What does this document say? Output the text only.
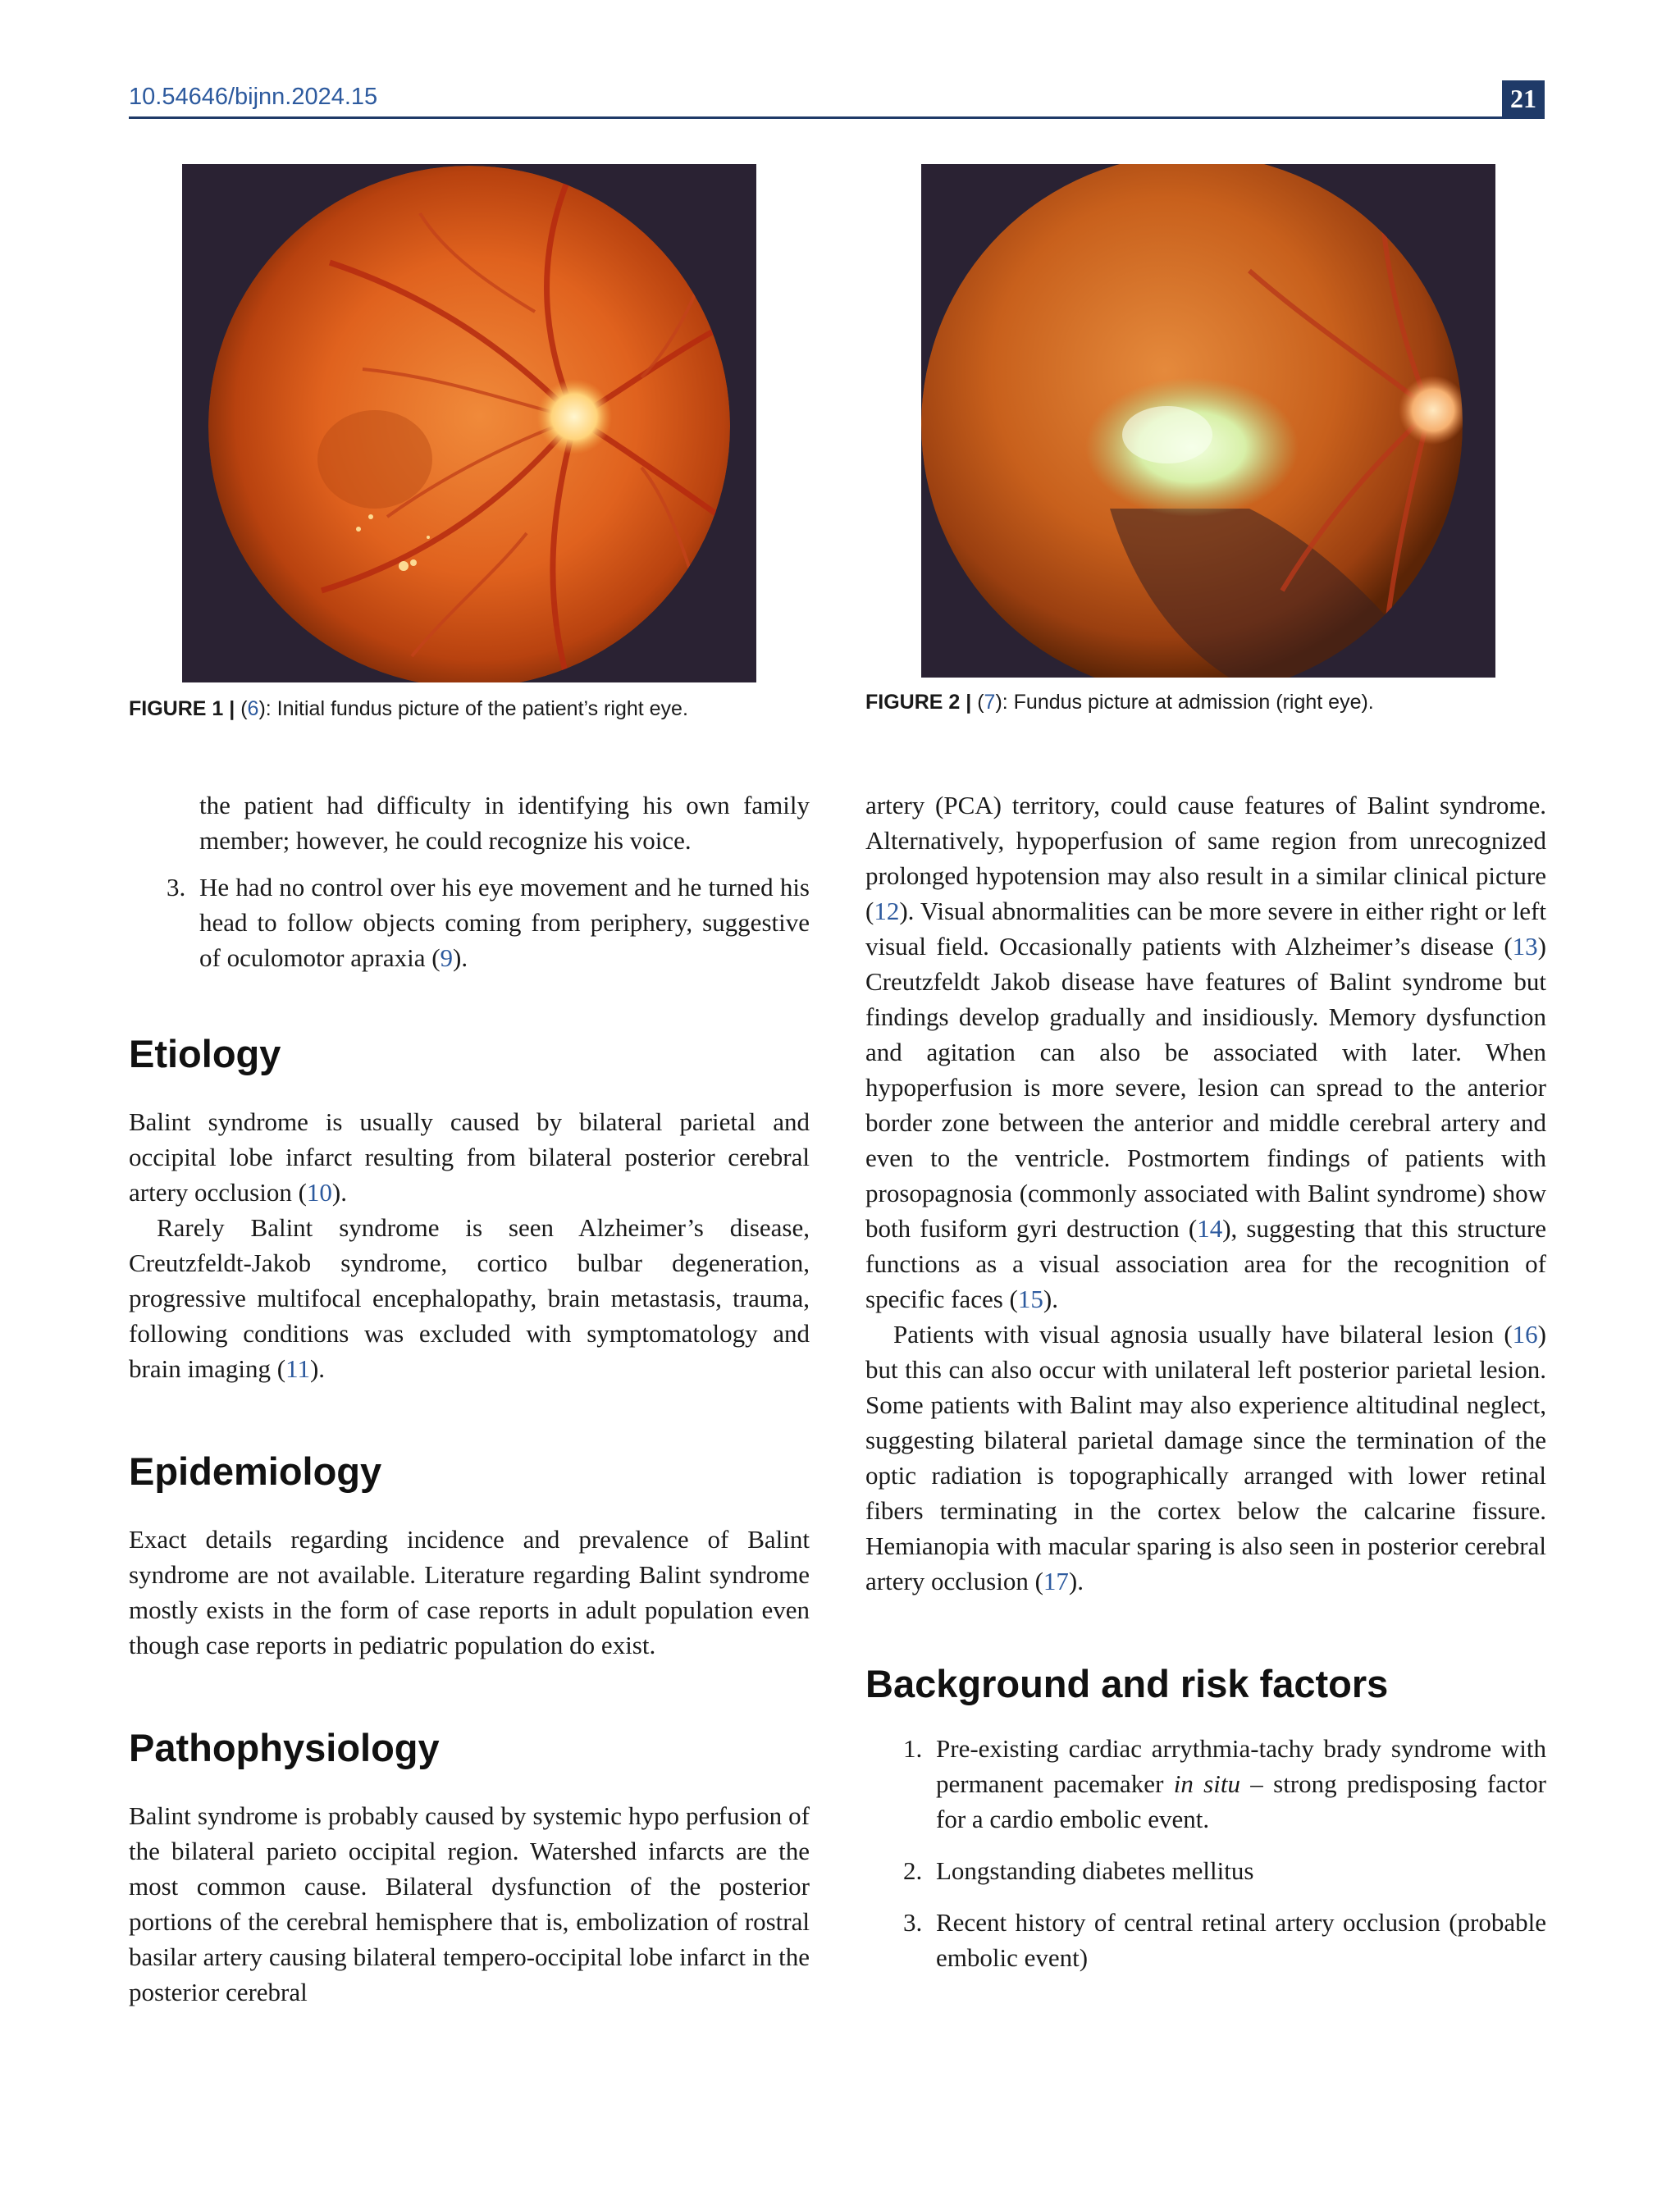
10.54646/bijnn.2024.15	21
FIGURE 1 | (6): Initial fundus picture of the patient’s right eye.	FIGURE 2 | (7): Fundus picture at admission (right eye).

the patient had difficulty in identifying his own family member; however, he could recognize his voice.

3. He had no control over his eye movement and he turned his head to follow objects coming from periphery, suggestive of oculomotor apraxia (9).
Etiology

Balint syndrome is usually caused by bilateral parietal and occipital lobe infarct resulting from bilateral posterior cerebral artery occlusion (10).

Rarely Balint syndrome is seen Alzheimer’s disease, Creutzfeldt-Jakob syndrome, cortico bulbar degeneration, progressive multifocal encephalopathy, brain metastasis, trauma, following conditions was excluded with symptomatology and brain imaging (11).

Epidemiology

Exact details regarding incidence and prevalence of Balint syndrome are not available. Literature regarding Balint syndrome mostly exists in the form of case reports in adult population even though case reports in pediatric population do exist.

Pathophysiology

Balint syndrome is probably caused by systemic hypo perfusion of the bilateral parieto occipital region. Watershed infarcts are the most common cause. Bilateral dysfunction of the posterior portions of the cerebral hemisphere that is, embolization of rostral basilar artery causing bilateral tempero-occipital lobe infarct in the posterior cerebral

artery (PCA) territory, could cause features of Balint syndrome. Alternatively, hypoperfusion of same region from unrecognized prolonged hypotension may also result in a similar clinical picture (12). Visual abnormalities can be more severe in either right or left visual field. Occasionally patients with Alzheimer’s disease (13) Creutzfeldt Jakob disease have features of Balint syndrome but findings develop gradually and insidiously. Memory dysfunction and agitation can also be associated with later. When hypoperfusion is more severe, lesion can spread to the anterior border zone between the anterior and middle cerebral artery and even to the ventricle. Postmortem findings of patients with prosopagnosia (commonly associated with Balint syndrome) show both fusiform gyri destruction (14), suggesting that this structure functions as a visual association area for the recognition of specific faces (15).

Patients with visual agnosia usually have bilateral lesion (16) but this can also occur with unilateral left posterior parietal lesion. Some patients with Balint may also experience altitudinal neglect, suggesting bilateral parietal damage since the termination of the optic radiation is topographically arranged with lower retinal fibers terminating in the cortex below the calcarine fissure. Hemianopia with macular sparing is also seen in posterior cerebral artery occlusion (17).

Background and risk factors
1. Pre-existing cardiac arrythmia-tachy brady syndrome with permanent pacemaker in situ – strong predisposing factor for a cardio embolic event.
2. Longstanding diabetes mellitus
3. Recent history of central retinal artery occlusion (probable embolic event)
